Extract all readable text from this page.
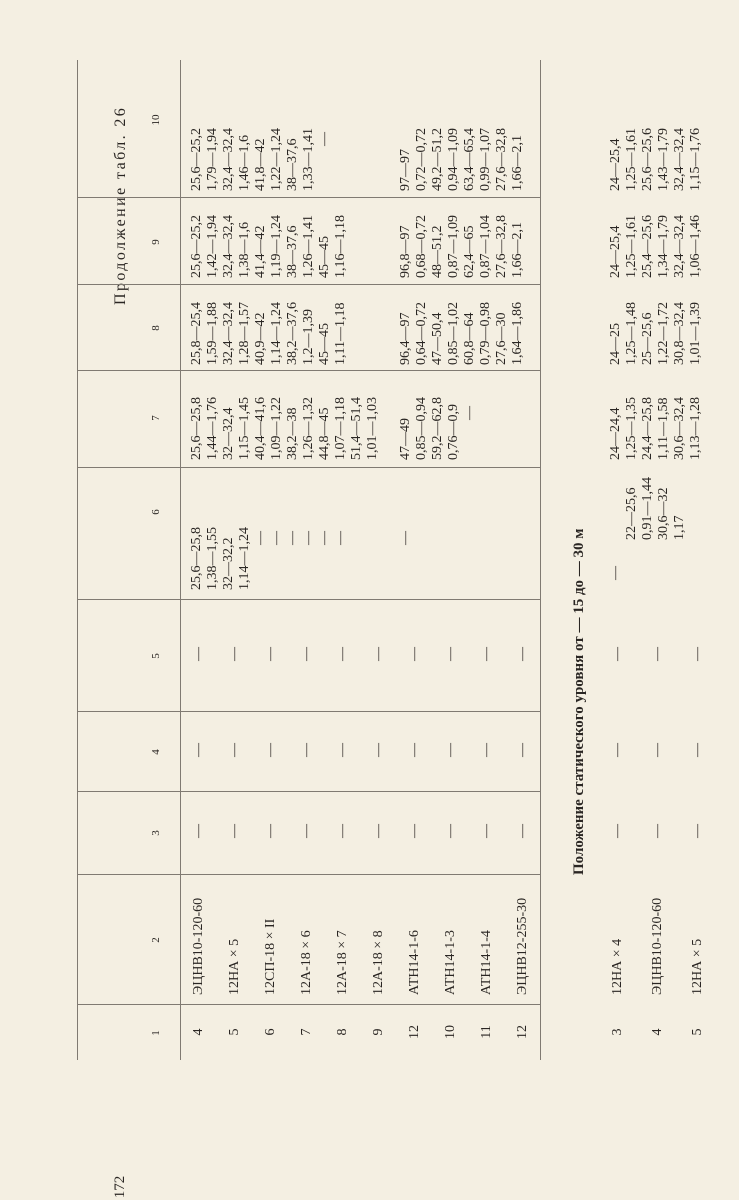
Продолжение табл. 26
172
1
2
3
4
5
6
7
8
9
10
4 5 6 7 8 9 12 10 11 12
ЭЦНВ10-120-60 12НА × 5 12СП-18 × II 12А-18 × 6 12А-18 × 7 12А-18 × 8 АТН14-1-6 АТН14-1-3 АТН14-1-4 ЭЦНВ12-255-30
— — — — — — — — — —
— — — — — — — — — —
— — — — — — — — — —
25,6—25,8 1,38—1,55 32—32,2 1,14—1,24 — — — — — —
25,6—25,8 1,44—1,76 32—32,4 1,15—1,45 40,4—41,6 1,09—1,22 38,2—38 1,26—1,32 44,8—45 1,07—1,18 51,4—51,4 1,01—1,03
25,8—25,4 1,59—1,88 32,4—32,4 1,28—1,57 40,9—42 1,14—1,24 38,2—37,6 1,2—1,39 45—45 1,11—1,18
25,6—25,2 1,42—1,94 32,4—32,4 1,38—1,6 41,4—42 1,19—1,24 38—37,6 1,26—1,41 45—45 1,16—1,18
25,6—25,2 1,79—1,94 32,4—32,4 1,46—1,6 41,8—42 1,22—1,24 38—37,6 1,33—1,41 —
—
47—49 0,85—0,94 59,2—62,8 0,76—0,9 —
96,4—97 0,64—0,72 47—50,4 0,85—1,02 60,8—64 0,79—0,98 27,6—30 1,64—1,86
96,8—97 0,68—0,72 48—51,2 0,87—1,09 62,4—65 0,87—1,04 27,6—32,8 1,66—2,1
97—97 0,72—0,72 49,2—51,2 0,94—1,09 63,4—65,4 0,99—1,07 27,6—32,8 1,66—2,1
Положение статического уровня от — 15 до — 30 м
3 4 5
12НА × 4 ЭЦНВ10-120-60 12НА × 5
— — —
— — —
— — —
—
22—25,6 0,91—1,44 30,6—32 1,17
24—24,4 1,25—1,35 24,4—25,8 1,11—1,58 30,6—32,4 1,13—1,28
24—25 1,25—1,48 25—25,6 1,22—1,72 30,8—32,4 1,01—1,39
24—25,4 1,25—1,61 25,4—25,6 1,34—1,79 32,4—32,4 1,06—1,46
24—25,4 1,25—1,61 25,6—25,6 1,43—1,79 32,4—32,4 1,15—1,76
